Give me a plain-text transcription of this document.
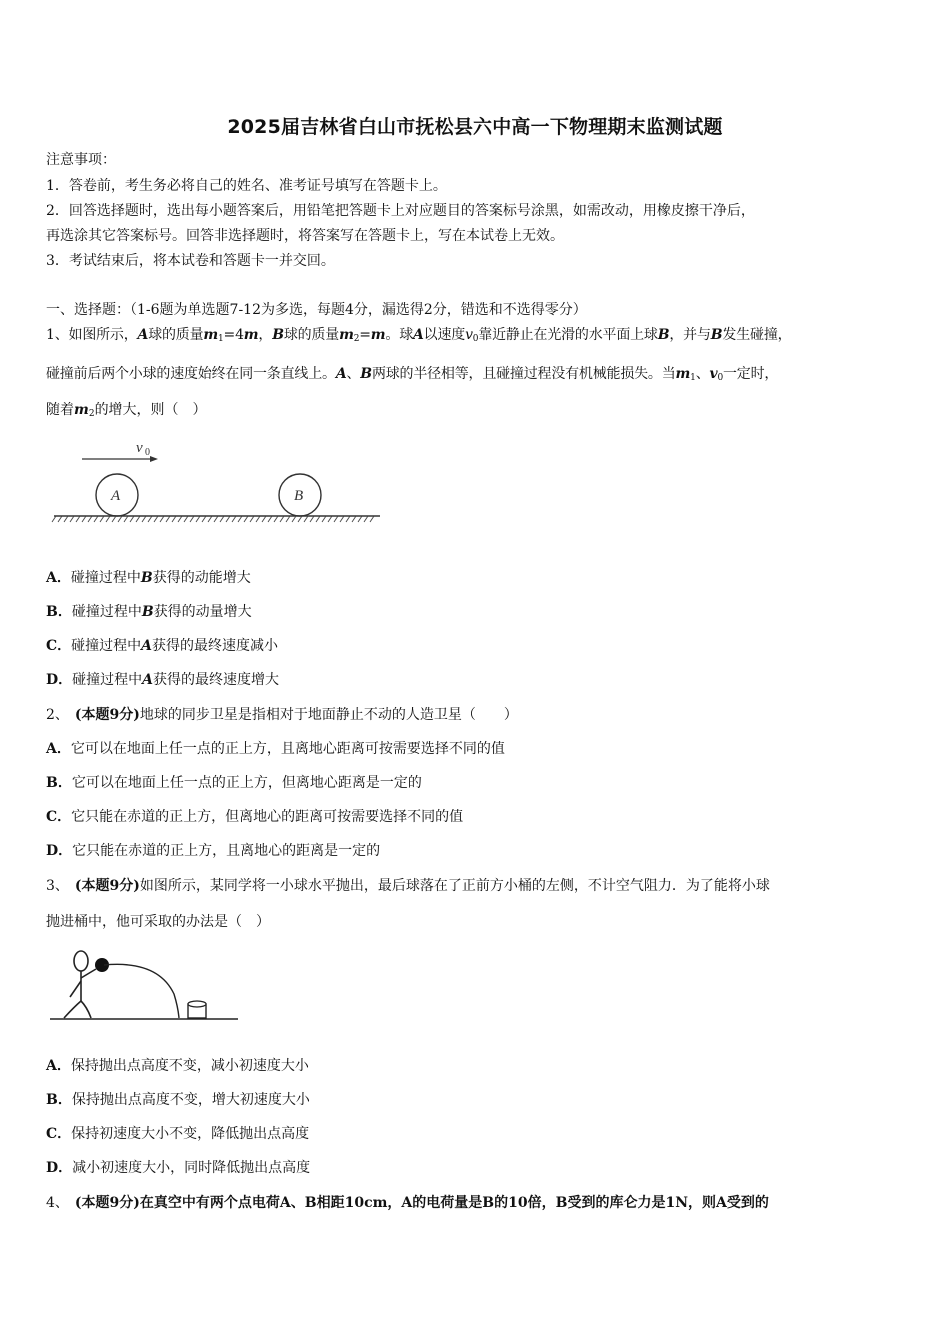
2025届吉林省白山市抚松县六中高一下物理期末监测试题
注意事项：
1．答卷前，考生务必将自己的姓名、准考证号填写在答题卡上。
2．回答选择题时，选出每小题答案后，用铅笔把答题卡上对应题目的答案标号涂黑，如需改动，用橡皮擦干净后，
再选涂其它答案标号。回答非选择题时，将答案写在答题卡上，写在本试卷上无效。
3．考试结束后，将本试卷和答题卡一并交回。
一、选择题：（1-6题为单选题7-12为多选，每题4分，漏选得2分，错选和不选得零分）
1、如图所示，A球的质量$m_1=4m$，B球的质量$m_2=m$。球A以速度$v_0$靠近静止在光滑的水平面上球B，并与B发生碰撞，
碰撞前后两个小球的速度始终在同一条直线上。A、B两球的半径相等，且碰撞过程没有机械能损失。当$m_1$、$v_0$一定时，
随着$m_2$的增大，则（　）
v 0
A	B
A．碰撞过程中B获得的动能增大
B．碰撞过程中B获得的动量增大
C．碰撞过程中A获得的最终速度减小
D．碰撞过程中A获得的最终速度增大
2、 (本题9分)地球的同步卫星是指相对于地面静止不动的人造卫星（　　）
A．它可以在地面上任一点的正上方，且离地心距离可按需要选择不同的值
B．它可以在地面上任一点的正上方，但离地心距离是一定的
C．它只能在赤道的正上方，但离地心的距离可按需要选择不同的值
D．它只能在赤道的正上方，且离地心的距离是一定的
3、 (本题9分)如图所示，某同学将一小球水平抛出，最后球落在了正前方小桶的左侧，不计空气阻力．为了能将小球
抛进桶中，他可采取的办法是（　）
A．保持抛出点高度不变，减小初速度大小
B．保持抛出点高度不变，增大初速度大小
C．保持初速度大小不变，降低抛出点高度
D．减小初速度大小，同时降低抛出点高度
4、 (本题9分)在真空中有两个点电荷A、B相距10cm，A的电荷量是B的10倍，B受到的库仑力是1N，则A受到的
